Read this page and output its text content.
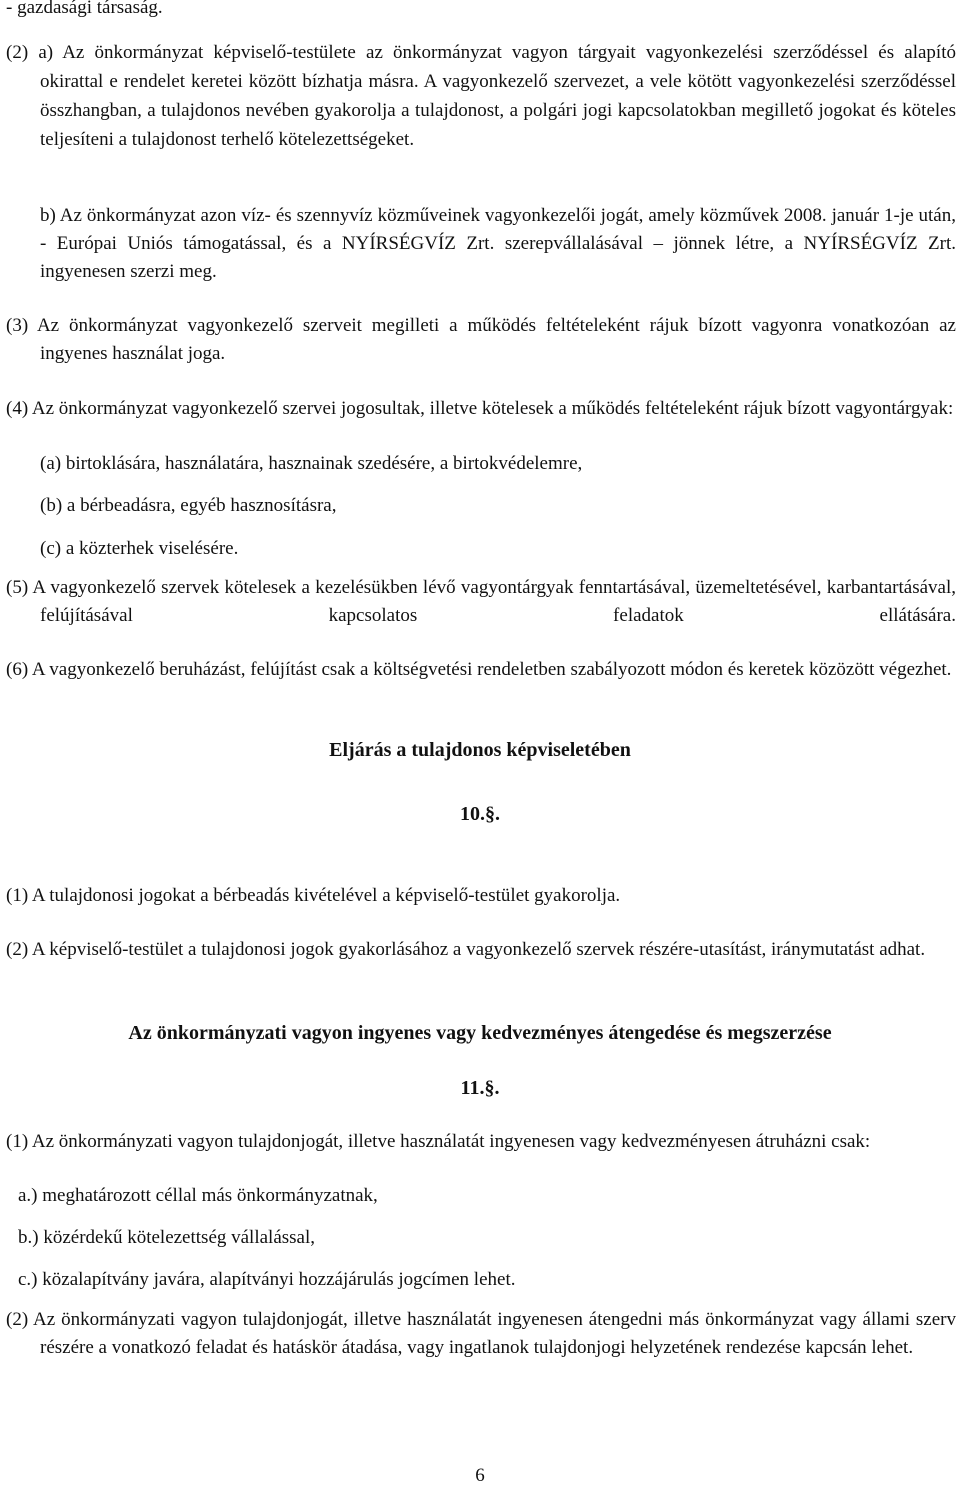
- gazdasági társaság.

(2) a) Az önkormányzat képviselő-testülete az önkormányzat vagyon tárgyait vagyonkezelési szerződéssel és alapító okirattal e rendelet keretei között bízhatja másra. A vagyonkezelő szervezet, a vele kötött vagyonkezelési szerződéssel összhangban, a tulajdonos nevében gyakorolja a tulajdonost, a polgári jogi kapcsolatokban megillető jogokat és köteles teljesíteni a tulajdonost terhelő kötelezettségeket.

b) Az önkormányzat azon víz- és szennyvíz közműveinek vagyonkezelői jogát, amely közművek 2008. január 1-je után, - Európai Uniós támogatással, és a NYÍRSÉGVÍZ Zrt. szerepvállalásával – jönnek létre, a NYÍRSÉGVÍZ Zrt. ingyenesen szerzi meg.

(3) Az önkormányzat vagyonkezelő szerveit megilleti a működés feltételeként rájuk bízott vagyonra vonatkozóan az ingyenes használat joga.

(4) Az önkormányzat vagyonkezelő szervei jogosultak, illetve kötelesek a működés feltételeként rájuk bízott vagyontárgyak:

(a) birtoklására, használatára, hasznainak szedésére, a birtokvédelemre,

(b) a bérbeadásra, egyéb hasznosításra,

(c) a közterhek viselésére.

(5) A vagyonkezelő szervek kötelesek a kezelésükben lévő vagyontárgyak fenntartásával, üzemeltetésével, karbantartásával, felújításával kapcsolatos feladatok ellátására.

(6) A vagyonkezelő beruházást, felújítást csak a költségvetési rendeletben szabályozott módon és keretek közözött végezhet.

Eljárás a tulajdonos képviseletében

10.§.

(1) A tulajdonosi jogokat a bérbeadás kivételével a képviselő-testület gyakorolja.

(2) A képviselő-testület a tulajdonosi jogok gyakorlásához a vagyonkezelő szervek részére-utasítást, iránymutatást adhat.

Az önkormányzati vagyon ingyenes vagy kedvezményes átengedése és megszerzése

11.§.

(1) Az önkormányzati vagyon tulajdonjogát, illetve használatát ingyenesen vagy kedvezményesen átruházni csak:

a.) meghatározott céllal más önkormányzatnak,

b.) közérdekű kötelezettség vállalással,

c.) közalapítvány javára, alapítványi hozzájárulás jogcímen lehet.

(2) Az önkormányzati vagyon tulajdonjogát, illetve használatát ingyenesen átengedni más önkormányzat vagy állami szerv részére a vonatkozó feladat és hatáskör átadása, vagy ingatlanok tulajdonjogi helyzetének rendezése kapcsán lehet.

6
